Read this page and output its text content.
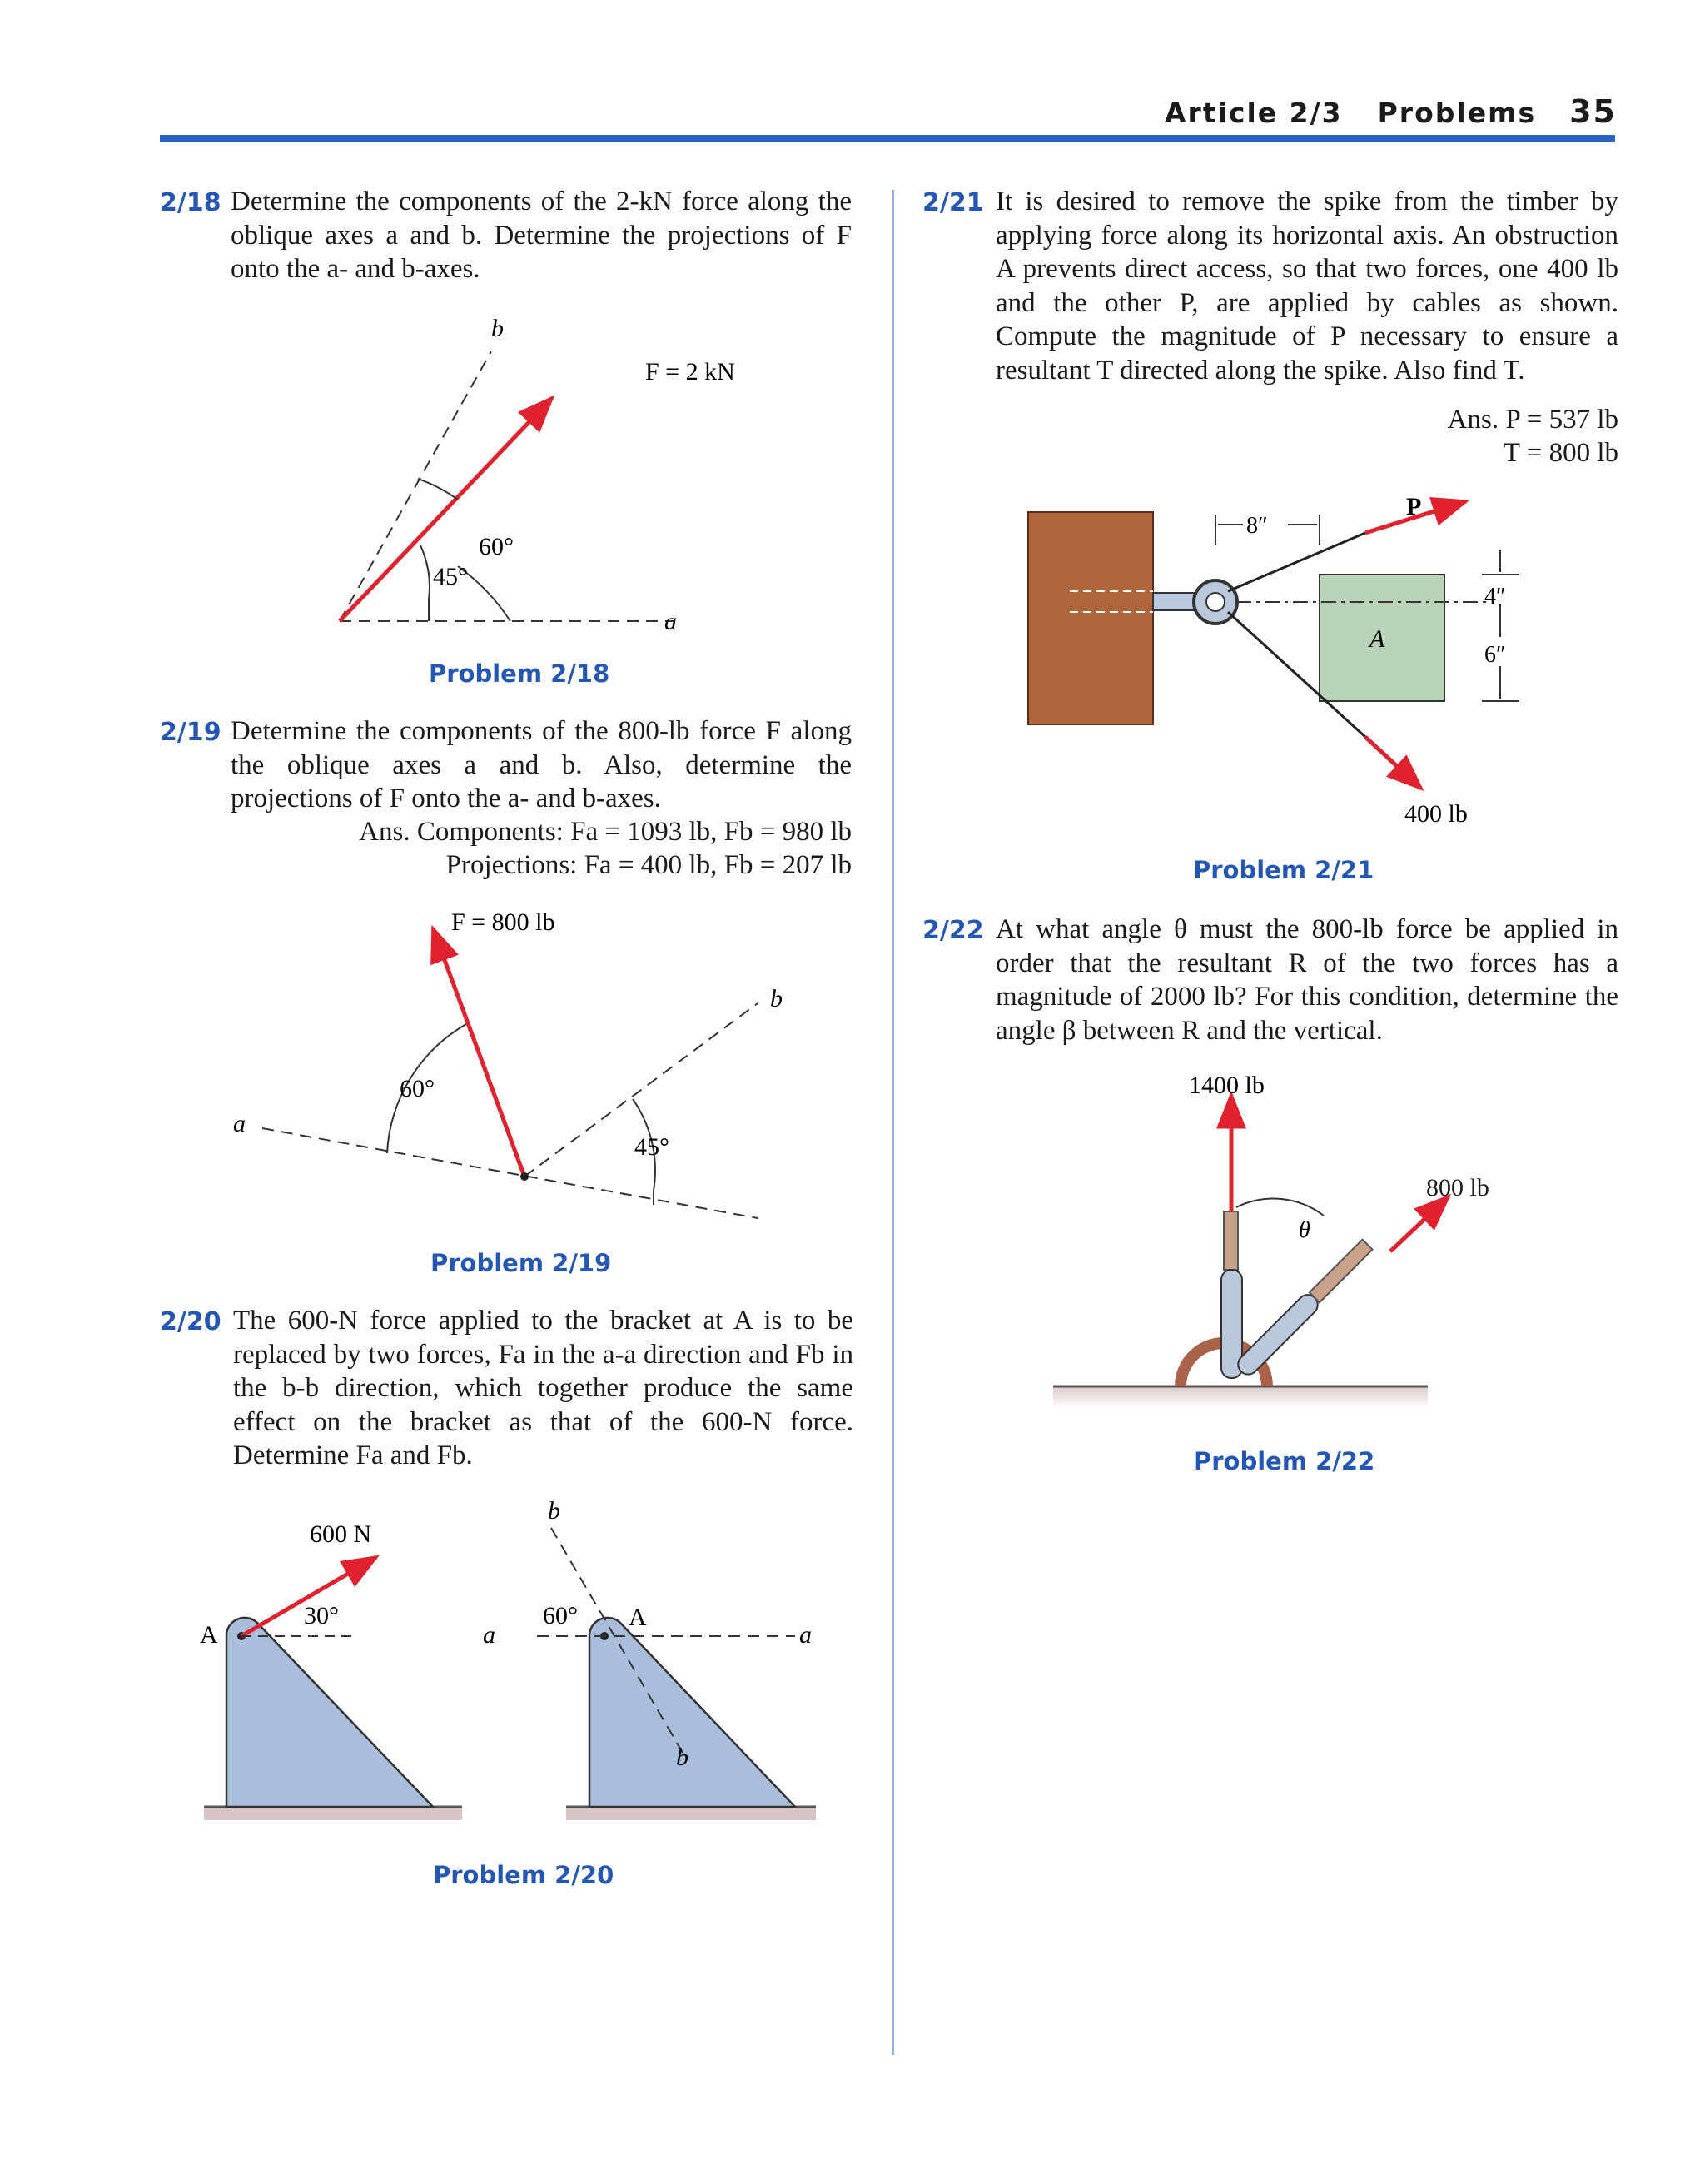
Article 2/3 Problems 35
2/18 Determine the components of the 2-kN force along the oblique axes a and b. Determine the projections of F onto the a- and b-axes.
F = 2 kN
b
a
60°
45°
Problem 2/18
2/19 Determine the components of the 800-lb force F along the oblique axes a and b. Also, determine the projections of F onto the a- and b-axes.
Ans. Components: Fa = 1093 lb, Fb = 980 lb
Projections: Fa = 400 lb, Fb = 207 lb
F = 800 lb
a
b
60°
45°
Problem 2/19
2/20 The 600-N force applied to the bracket at A is to be replaced by two forces, Fa in the a-a direction and Fb in the b-b direction, which together produce the same effect on the bracket as that of the 600-N force. Determine Fa and Fb.
600 N
30°
A	a	a
b
b
60° A
Problem 2/20
2/21 It is desired to remove the spike from the timber by applying force along its horizontal axis. An obstruction A prevents direct access, so that two forces, one 400 lb and the other P, are applied by cables as shown. Compute the magnitude of P necessary to ensure a resultant T directed along the spike. Also find T.
Ans. P = 537 lb
T = 800 lb
8″
4″
6″
A
P
400 lb
Problem 2/21
2/22 At what angle θ must the 800-lb force be applied in order that the resultant R of the two forces has a magnitude of 2000 lb? For this condition, determine the angle β between R and the vertical.
1400 lb
θ
800 lb
Problem 2/22
